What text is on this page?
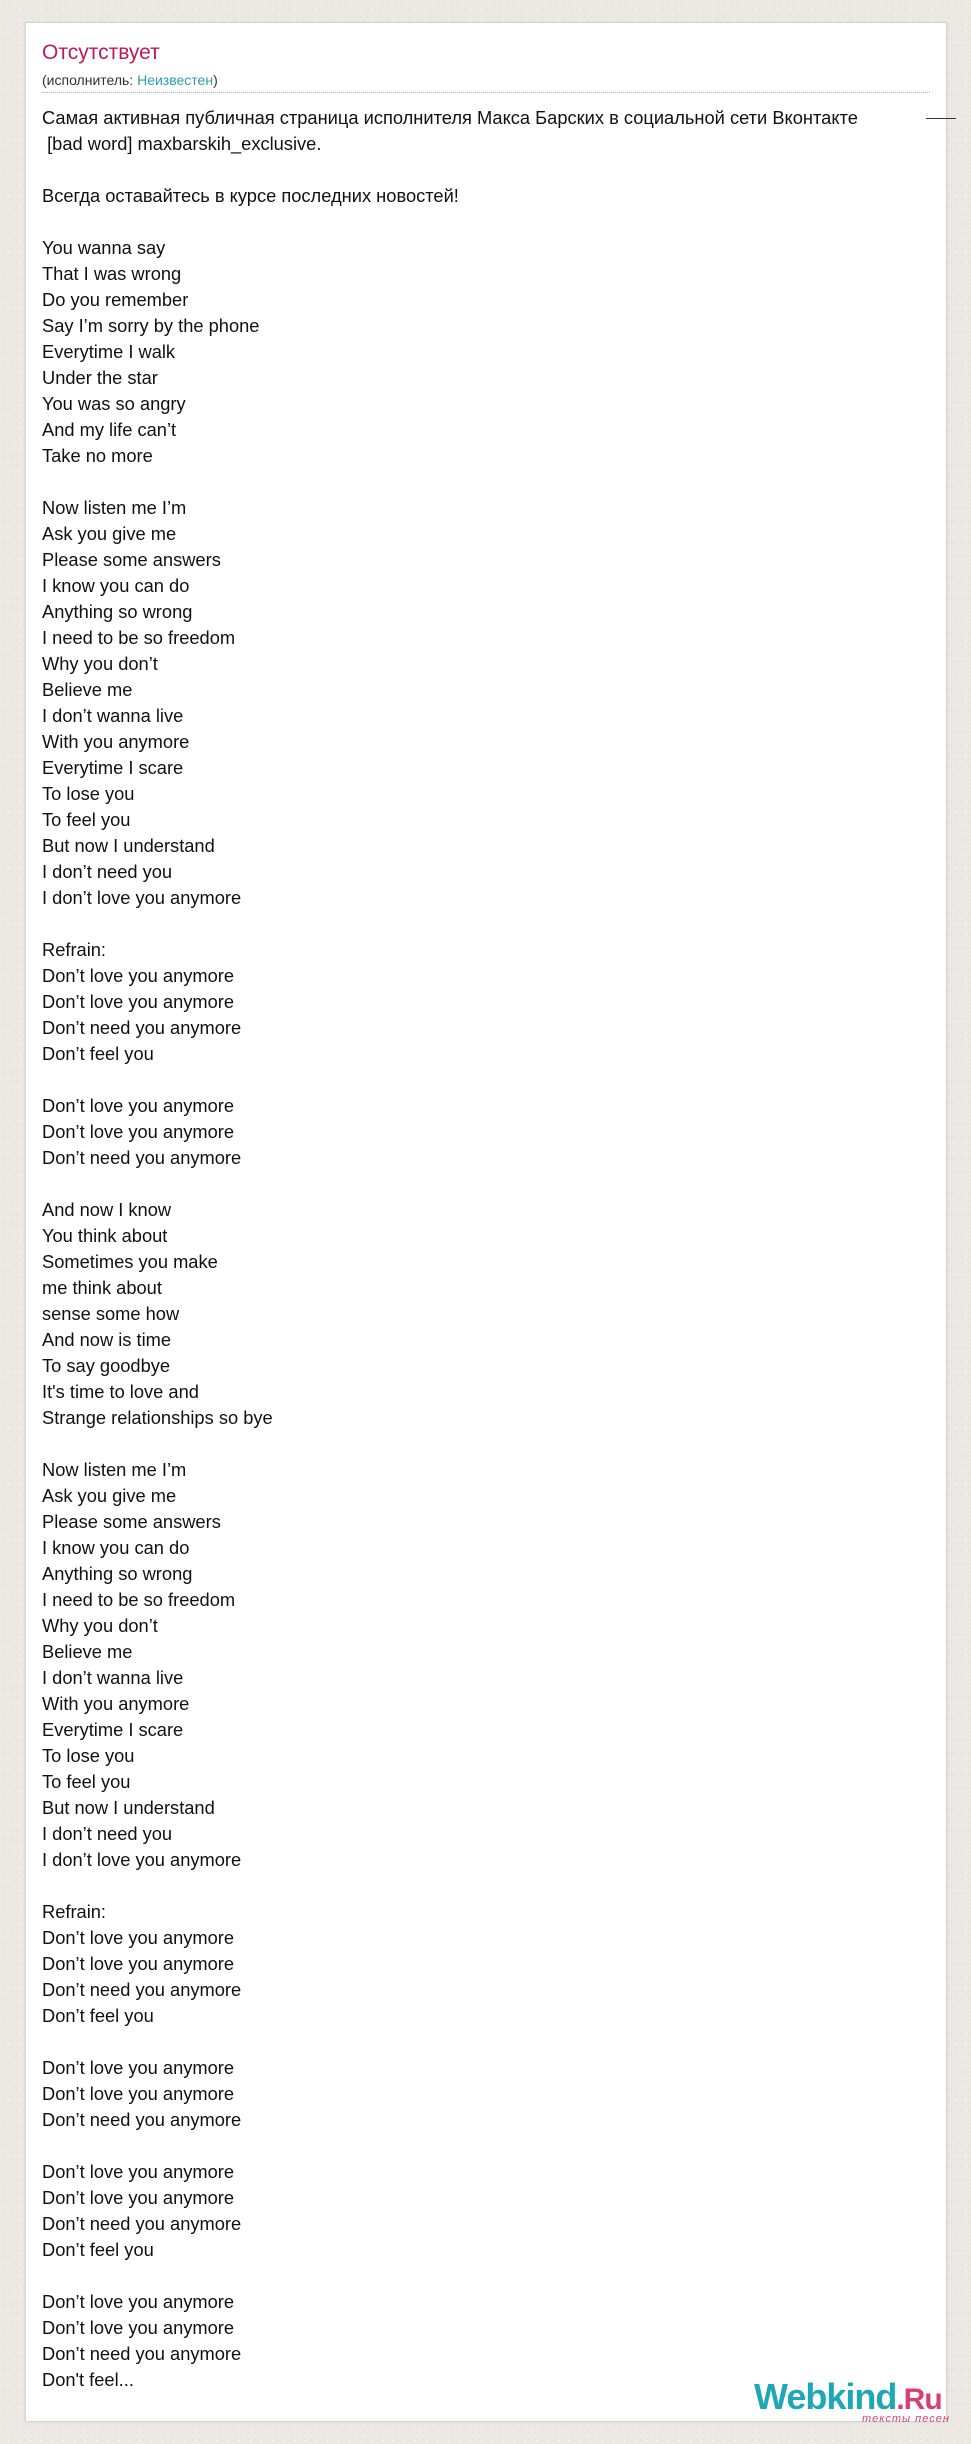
Отсутствует
(исполнитель: Неизвестен)
Самая активная публичная страница исполнителя Макса Барских в социальной сети Вконтакте
[bad word] maxbarskih_exclusive.

Всегда оставайтесь в курсе последних новостей!

You wanna say
That I was wrong
Do you remember
Say I’m sorry by the phone
Everytime I walk
Under the star
You was so angry
And my life can’t
Take no more

Now listen me I’m
Ask you give me
Please some answers
I know you can do
Anything so wrong
I need to be so freedom
Why you don’t
Believe me
I don’t wanna live
With you anymore
Everytime I scare
To lose you
To feel you
But now I understand
I don’t need you
I don’t love you anymore

Refrain:
Don’t love you anymore
Don’t love you anymore
Don’t need you anymore
Don’t feel you

Don’t love you anymore
Don’t love you anymore
Don’t need you anymore

And now I know
You think about
Sometimes you make
me think about
sense some how
And now is time
To say goodbye
It's time to love and
Strange relationships so bye

Now listen me I’m
Ask you give me
Please some answers
I know you can do
Anything so wrong
I need to be so freedom
Why you don’t
Believe me
I don’t wanna live
With you anymore
Everytime I scare
To lose you
To feel you
But now I understand
I don’t need you
I don’t love you anymore

Refrain:
Don’t love you anymore
Don’t love you anymore
Don’t need you anymore
Don’t feel you

Don’t love you anymore
Don’t love you anymore
Don’t need you anymore

Don’t love you anymore
Don’t love you anymore
Don’t need you anymore
Don’t feel you

Don’t love you anymore
Don’t love you anymore
Don’t need you anymore
Don't feel...	Webkind.Ru
тексты песен
